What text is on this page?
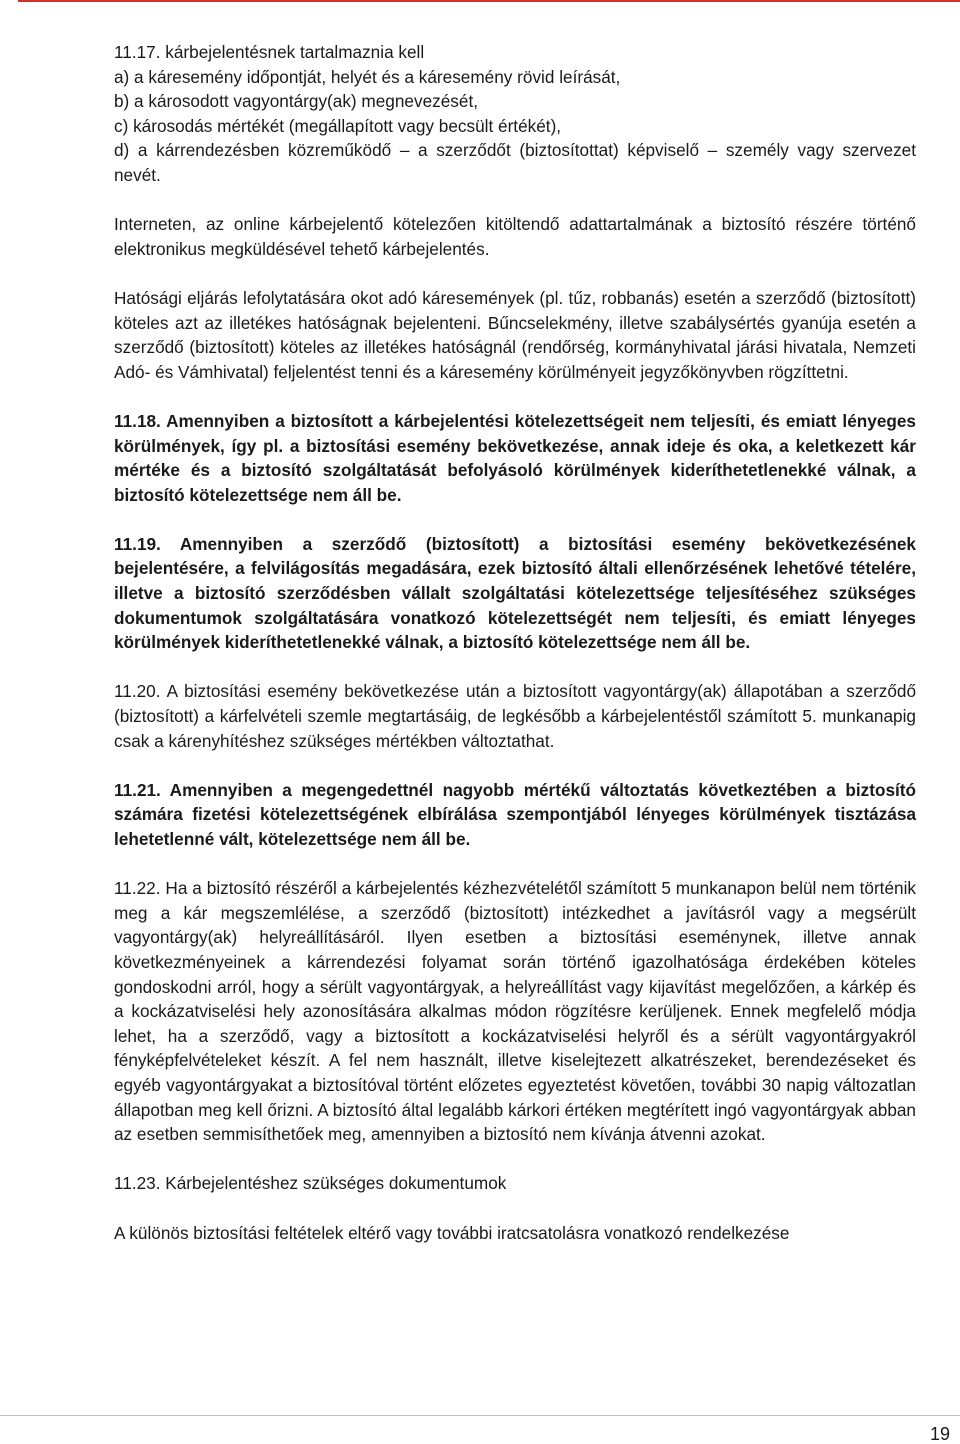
11.17. kárbejelentésnek tartalmaznia kell
a) a káresemény időpontját, helyét és a káresemény rövid leírását,
b) a károsodott vagyontárgy(ak) megnevezését,
c) károsodás mértékét (megállapított vagy becsült értékét),
d) a kárrendezésben közreműködő – a szerződőt (biztosítottat) képviselő – személy vagy szervezet nevét.

Interneten, az online kárbejelentő kötelezően kitöltendő adattartalmának a biztosító részére történő elektronikus megküldésével tehető kárbejelentés.

Hatósági eljárás lefolytatására okot adó káresemények (pl. tűz, robbanás) esetén a szerződő (biztosított) köteles azt az illetékes hatóságnak bejelenteni. Bűncselekmény, illetve szabálysértés gyanúja esetén a szerződő (biztosított) köteles az illetékes hatóságnál (rendőrség, kormányhivatal járási hivatala, Nemzeti Adó- és Vámhivatal) feljelentést tenni és a káresemény körülményeit jegyzőkönyvben rögzíttetni.

11.18. Amennyiben a biztosított a kárbejelentési kötelezettségeit nem teljesíti, és emiatt lényeges körülmények, így pl. a biztosítási esemény bekövetkezése, annak ideje és oka, a keletkezett kár mértéke és a biztosító szolgáltatását befolyásoló körülmények kideríthetetlenekké válnak, a biztosító kötelezettsége nem áll be.

11.19. Amennyiben a szerződő (biztosított) a biztosítási esemény bekövetkezésének bejelentésére, a felvilágosítás megadására, ezek biztosító általi ellenőrzésének lehetővé tételére, illetve a biztosító szerződésben vállalt szolgáltatási kötelezettsége teljesítéséhez szükséges dokumentumok szolgáltatására vonatkozó kötelezettségét nem teljesíti, és emiatt lényeges körülmények kideríthetetlenekké válnak, a biztosító kötelezettsége nem áll be.

11.20. A biztosítási esemény bekövetkezése után a biztosított vagyontárgy(ak) állapotában a szerződő (biztosított) a kárfelvételi szemle megtartásáig, de legkésőbb a kárbejelentéstől számított 5. munkanapig csak a kárenyhítéshez szükséges mértékben változtathat.

11.21. Amennyiben a megengedettnél nagyobb mértékű változtatás következtében a biztosító számára fizetési kötelezettségének elbírálása szempontjából lényeges körülmények tisztázása lehetetlenné vált, kötelezettsége nem áll be.

11.22. Ha a biztosító részéről a kárbejelentés kézhezvételétől számított 5 munkanapon belül nem történik meg a kár megszemlélése, a szerződő (biztosított) intézkedhet a javításról vagy a megsérült vagyontárgy(ak) helyreállításáról. Ilyen esetben a biztosítási eseménynek, illetve annak következményeinek a kárrendezési folyamat során történő igazolhatósága érdekében köteles gondoskodni arról, hogy a sérült vagyontárgyak, a helyreállítást vagy kijavítást megelőzően, a kárkép és a kockázatviselési hely azonosítására alkalmas módon rögzítésre kerüljenek. Ennek megfelelő módja lehet, ha a szerződő, vagy a biztosított a kockázatviselési helyről és a sérült vagyontárgyakról fényképfelvételeket készít. A fel nem használt, illetve kiselejtezett alkatrészeket, berendezéseket és egyéb vagyontárgyakat a biztosítóval történt előzetes egyeztetést követően, további 30 napig változatlan állapotban meg kell őrizni. A biztosító által legalább kárkori értéken megtérített ingó vagyontárgyak abban az esetben semmisíthetőek meg, amennyiben a biztosító nem kívánja átvenni azokat.

11.23. Kárbejelentéshez szükséges dokumentumok

A különös biztosítási feltételek eltérő vagy további iratcsatolásra vonatkozó rendelkezése

19
